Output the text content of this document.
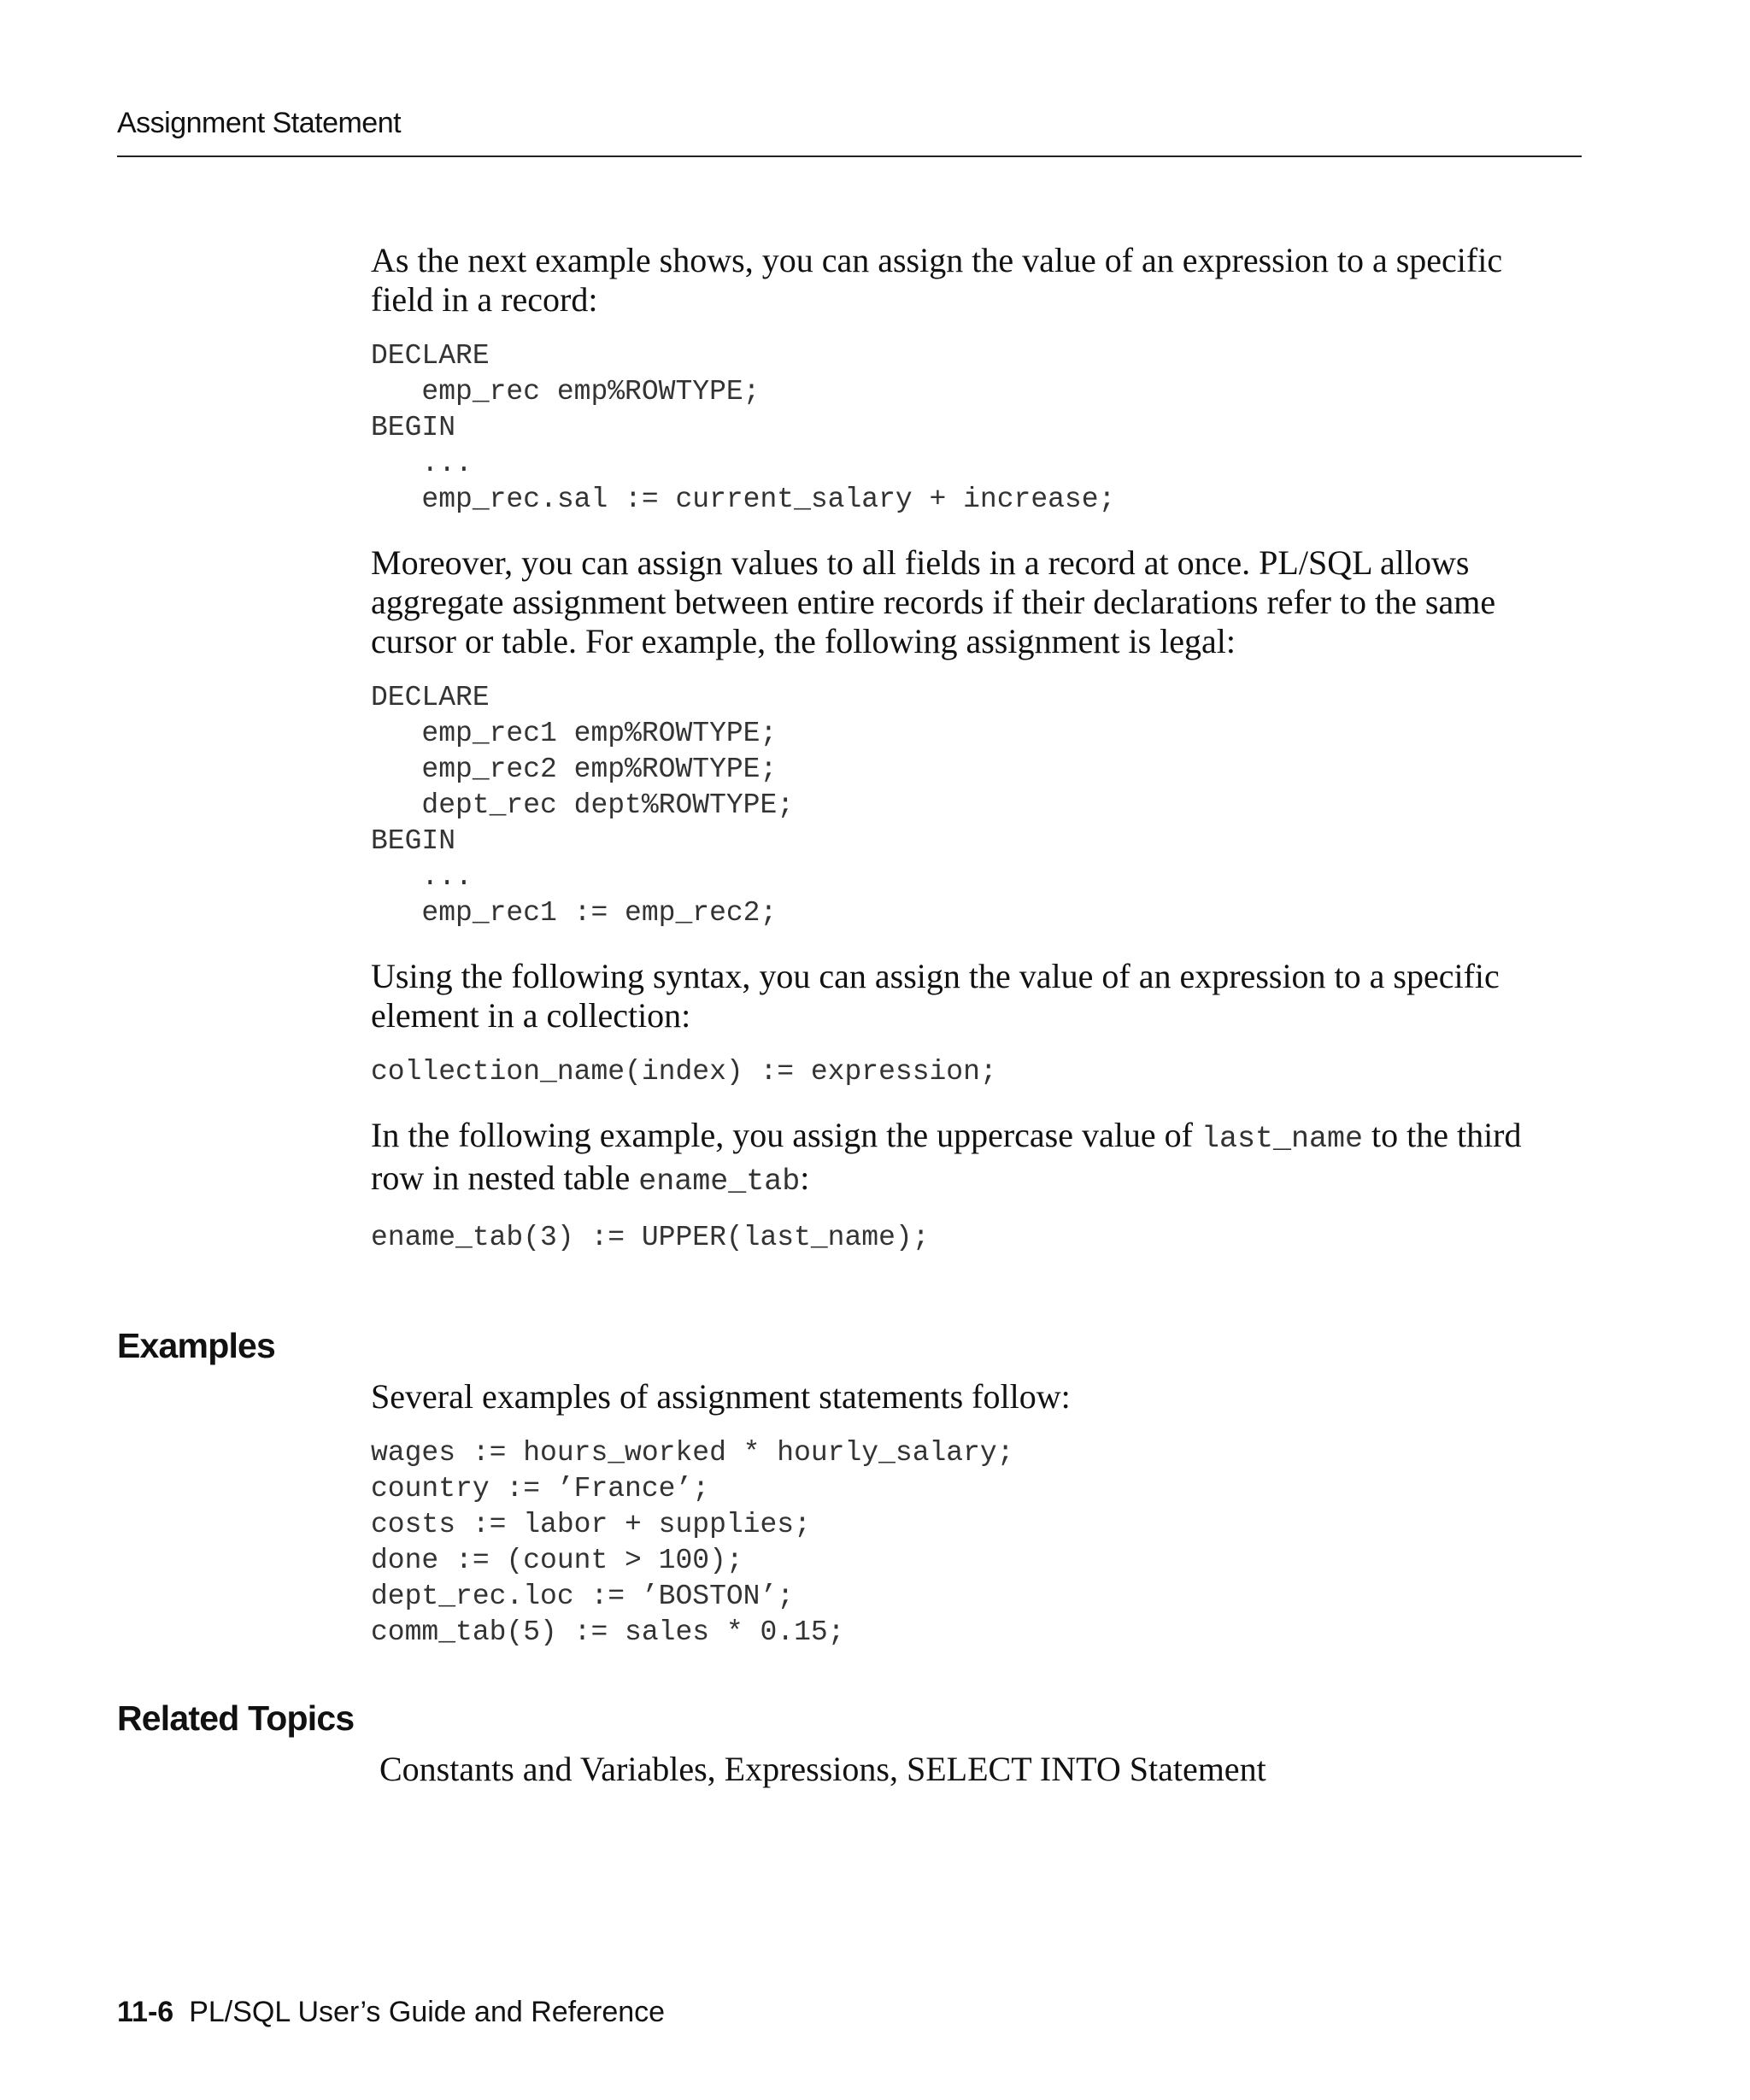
Assignment Statement

As the next example shows, you can assign the value of an expression to a specific field in a record:

DECLARE
emp_rec emp%ROWTYPE;
BEGIN
...
emp_rec.sal := current_salary + increase;

Moreover, you can assign values to all fields in a record at once. PL/SQL allows aggregate assignment between entire records if their declarations refer to the same cursor or table. For example, the following assignment is legal:

DECLARE
emp_rec1 emp%ROWTYPE;
emp_rec2 emp%ROWTYPE;
dept_rec dept%ROWTYPE;
BEGIN
...
emp_rec1 := emp_rec2;

Using the following syntax, you can assign the value of an expression to a specific element in a collection:

collection_name(index) := expression;

In the following example, you assign the uppercase value of last_name to the third row in nested table ename_tab:

ename_tab(3) := UPPER(last_name);
Examples

Several examples of assignment statements follow:

wages := hours_worked * hourly_salary;
country := ’France’;
costs := labor + supplies;
done := (count > 100);
dept_rec.loc := ’BOSTON’;
comm_tab(5) := sales * 0.15;
Related Topics
Constants and Variables, Expressions, SELECT INTO Statement
11-6 PL/SQL User’s Guide and Reference
